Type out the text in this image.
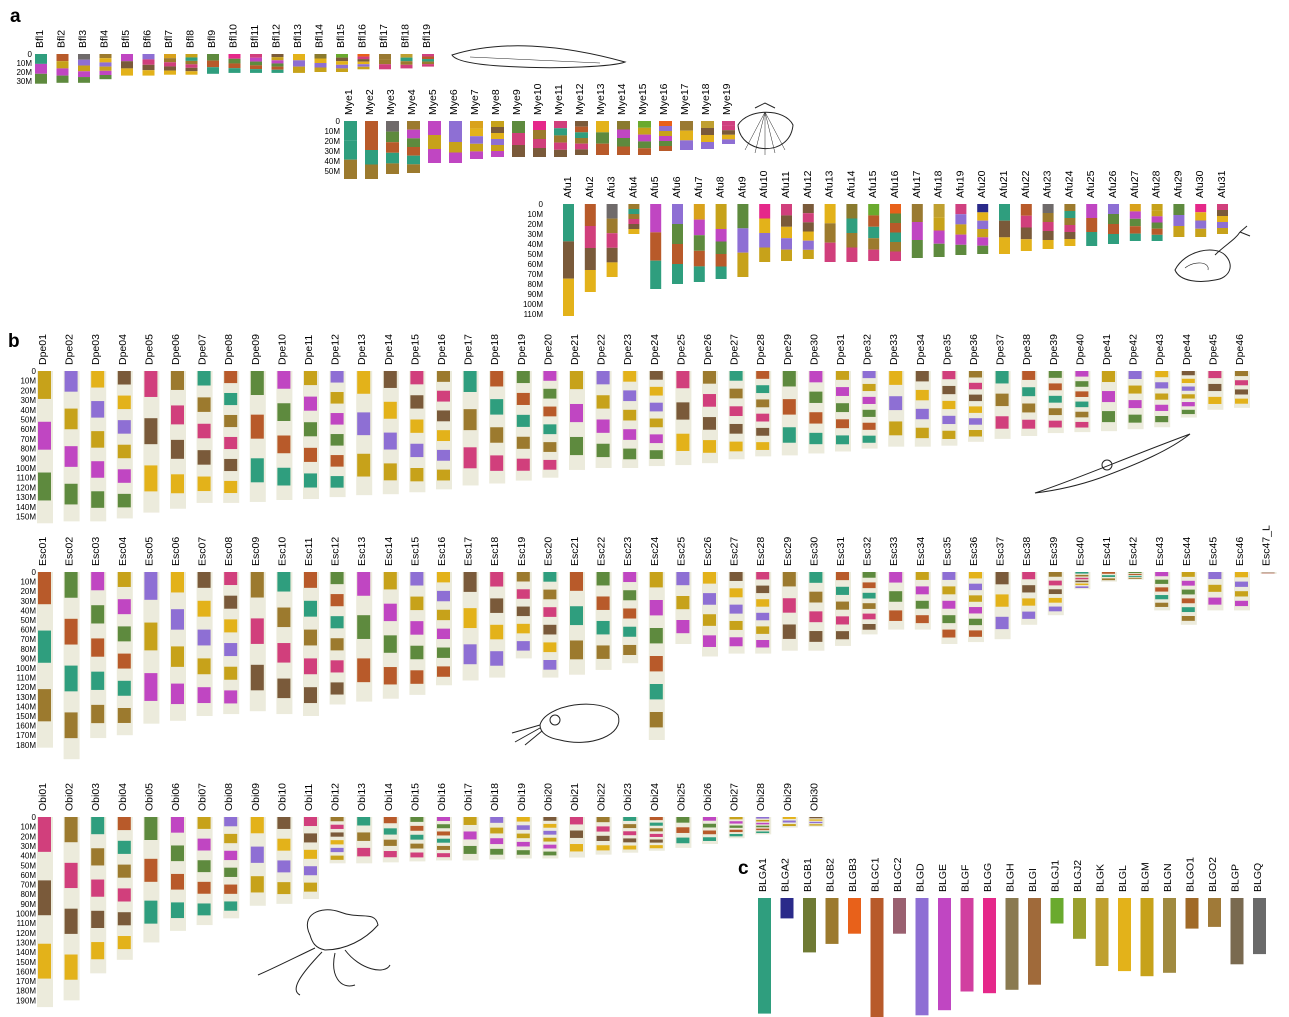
a
b
c
0
10M
20M
30M
Bfl1 Bfl2 Bfl3 Bfl4 Bfl5 Bfl6 Bfl7 Bfl8 Bfl9 Bfl10 Bfl11 Bfl12 Bfl13 Bfl14 Bfl15 Bfl16 Bfl17 Bfl18 Bfl19
0
10M
20M
30M
40M
50M
Mye1 Mye2 Mye3 Mye4 Mye5 Mye6 Mye7 Mye8 Mye9 Mye10 Mye11 Mye12 Mye13 Mye14 Mye15 Mye16 Mye17 Mye18 Mye19
0
10M
20M
30M
40M
50M
60M
70M
80M
90M
100M
110M
Afu1 Afu2 Afu3 Afu4 Afu5 Afu6 Afu7 Afu8 Afu9 Afu10 Afu11 Afu12 Afu13 Afu14 Afu15 Afu16 Afu17 Afu18 Afu19 Afu20 Afu21 Afu22 Afu23 Afu24 Afu25 Afu26 Afu27 Afu28 Afu29 Afu30 Afu31
0
10M
20M
30M
40M
50M
60M
70M
80M
90M
100M
110M
120M
130M
140M
150M
Dpe01 Dpe02 Dpe03 Dpe04 Dpe05 Dpe06 Dpe07 Dpe08 Dpe09 Dpe10 Dpe11 Dpe12 Dpe13 Dpe14 Dpe15 Dpe16 Dpe17 Dpe18 Dpe19 Dpe20 Dpe21 Dpe22 Dpe23 Dpe24 Dpe25 Dpe26 Dpe27 Dpe28 Dpe29 Dpe30 Dpe31 Dpe32 Dpe33 Dpe34 Dpe35 Dpe36 Dpe37 Dpe38 Dpe39 Dpe40 Dpe41 Dpe42 Dpe43 Dpe44 Dpe45 Dpe46
0
10M
20M
30M
40M
50M
60M
70M
80M
90M
100M
110M
120M
130M
140M
150M
160M
170M
180M
Esc01 Esc02 Esc03 Esc04 Esc05 Esc06 Esc07 Esc08 Esc09 Esc10 Esc11 Esc12 Esc13 Esc14 Esc15 Esc16 Esc17 Esc18 Esc19 Esc20 Esc21 Esc22 Esc23 Esc24 Esc25 Esc26 Esc27 Esc28 Esc29 Esc30 Esc31 Esc32 Esc33 Esc34 Esc35 Esc36 Esc37 Esc38 Esc39 Esc40 Esc41 Esc42 Esc43 Esc44 Esc45 Esc46 Esc47_L
0
10M
20M
30M
40M
50M
60M
70M
80M
90M
100M
110M
120M
130M
140M
150M
160M
170M
180M
190M
Obi01 Obi02 Obi03 Obi04 Obi05 Obi06 Obi07 Obi08 Obi09 Obi10 Obi11 Obi12 Obi13 Obi14 Obi15 Obi16 Obi17 Obi18 Obi19 Obi20 Obi21 Obi22 Obi23 Obi24 Obi25 Obi26 Obi27 Obi28 Obi29 Obi30
BLGA1 BLGA2 BLGB1 BLGB2 BLGB3 BLGC1 BLGC2 BLGD BLGE BLGF BLGG BLGH BLGI BLGJ1 BLGJ2 BLGK BLGL BLGM BLGN BLGO1 BLGO2 BLGP BLGQ
